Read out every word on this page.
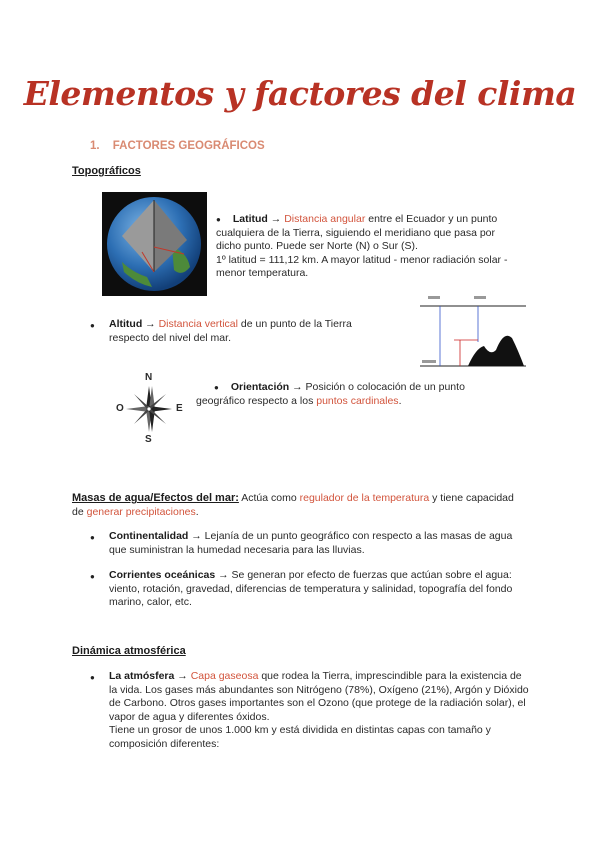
Elementos y factores del clima
1. FACTORES GEOGRÁFICOS
Topográficos
● Latitud → Distancia angular entre el Ecuador y un punto cualquiera de la Tierra, siguiendo el meridiano que pasa por dicho punto. Puede ser Norte (N) o Sur (S).
1º latitud = 111,12 km. A mayor latitud - menor radiación solar - menor temperatura.
● Altitud → Distancia vertical de un punto de la Tierra respecto del nivel del mar.
N
S
O	E
● Orientación → Posición o colocación de un punto geográfico respecto a los puntos cardinales.
Masas de agua/Efectos del mar: Actúa como regulador de la temperatura y tiene capacidad de generar precipitaciones.
● Continentalidad → Lejanía de un punto geográfico con respecto a las masas de agua que suministran la humedad necesaria para las lluvias.
● Corrientes oceánicas → Se generan por efecto de fuerzas que actúan sobre el agua: viento, rotación, gravedad, diferencias de temperatura y salinidad, topografía del fondo marino, calor, etc.
Dinámica atmosférica
● La atmósfera → Capa gaseosa que rodea la Tierra, imprescindible para la existencia de la vida. Los gases más abundantes son Nitrógeno (78%), Oxígeno (21%), Argón y Dióxido de Carbono. Otros gases importantes son el Ozono (que protege de la radiación solar), el vapor de agua y diferentes óxidos.
Tiene un grosor de unos 1.000 km y está dividida en distintas capas con tamaño y composición diferentes:
